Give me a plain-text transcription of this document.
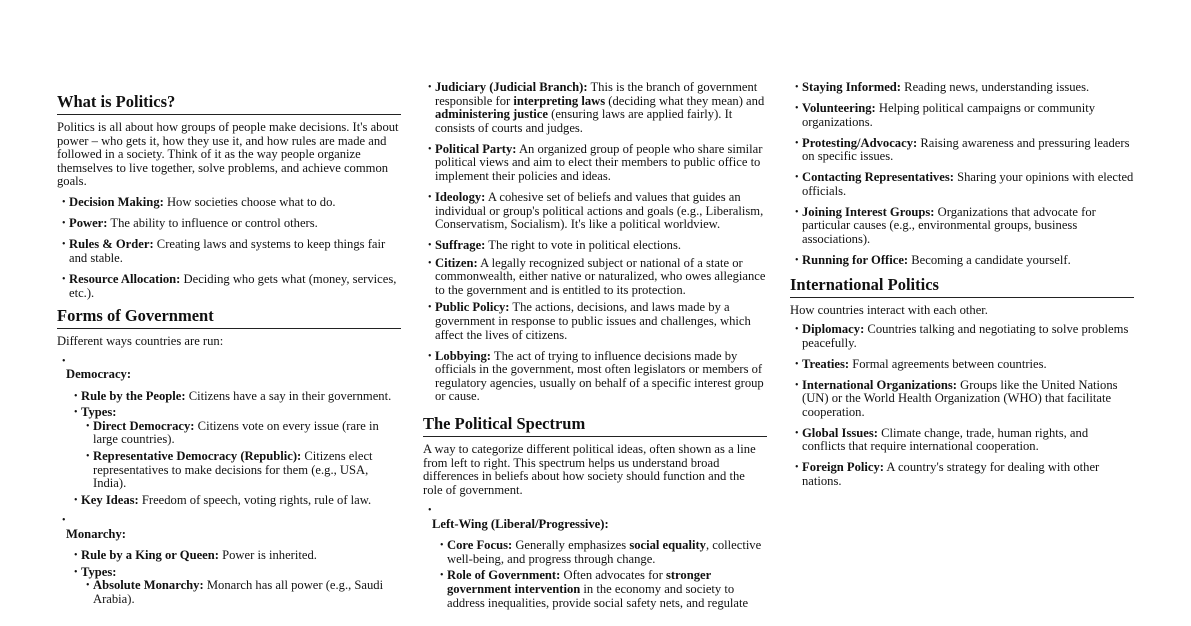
What is Politics?

Politics is all about how groups of people make decisions. It's about power – who gets it, how they use it, and how rules are made and followed in a society. Think of it as the way people organize themselves to live together, solve problems, and achieve common goals.

• Decision Making: How societies choose what to do.
• Power: The ability to influence or control others.
• Rules & Order: Creating laws and systems to keep things fair and stable.
• Resource Allocation: Deciding who gets what (money, services, etc.).
Forms of Government

Different ways countries are run:

•
Democracy:
• Rule by the People: Citizens have a say in their government.
• Types:
• Direct Democracy: Citizens vote on every issue (rare in large countries).
• Representative Democracy (Republic): Citizens elect representatives to make decisions for them (e.g., USA, India).
• Key Ideas: Freedom of speech, voting rights, rule of law.
•
Monarchy:
• Rule by a King or Queen: Power is inherited.
• Types:
• Absolute Monarchy: Monarch has all power (e.g., Saudi Arabia).
• Judiciary (Judicial Branch): This is the branch of government responsible for interpreting laws (deciding what they mean) and administering justice (ensuring laws are applied fairly). It consists of courts and judges.
• Political Party: An organized group of people who share similar political views and aim to elect their members to public office to implement their policies and ideas.
• Ideology: A cohesive set of beliefs and values that guides an individual or group's political actions and goals (e.g., Liberalism, Conservatism, Socialism). It's like a political worldview.
• Suffrage: The right to vote in political elections.
• Citizen: A legally recognized subject or national of a state or commonwealth, either native or naturalized, who owes allegiance to the government and is entitled to its protection.
• Public Policy: The actions, decisions, and laws made by a government in response to public issues and challenges, which affect the lives of citizens.
• Lobbying: The act of trying to influence decisions made by officials in the government, most often legislators or members of regulatory agencies, usually on behalf of a specific interest group or cause.
The Political Spectrum

A way to categorize different political ideas, often shown as a line from left to right. This spectrum helps us understand broad differences in beliefs about how society should function and the role of government.

•
Left-Wing (Liberal/Progressive):
• Core Focus: Generally emphasizes social equality, collective well-being, and progress through change.
• Role of Government: Often advocates for stronger government intervention in the economy and society to address inequalities, provide social safety nets, and regulate
• Staying Informed: Reading news, understanding issues.
• Volunteering: Helping political campaigns or community organizations.
• Protesting/Advocacy: Raising awareness and pressuring leaders on specific issues.
• Contacting Representatives: Sharing your opinions with elected officials.
• Joining Interest Groups: Organizations that advocate for particular causes (e.g., environmental groups, business associations).
• Running for Office: Becoming a candidate yourself.
International Politics

How countries interact with each other.

• Diplomacy: Countries talking and negotiating to solve problems peacefully.
• Treaties: Formal agreements between countries.
• International Organizations: Groups like the United Nations (UN) or the World Health Organization (WHO) that facilitate cooperation.
• Global Issues: Climate change, trade, human rights, and conflicts that require international cooperation.
• Foreign Policy: A country's strategy for dealing with other nations.
